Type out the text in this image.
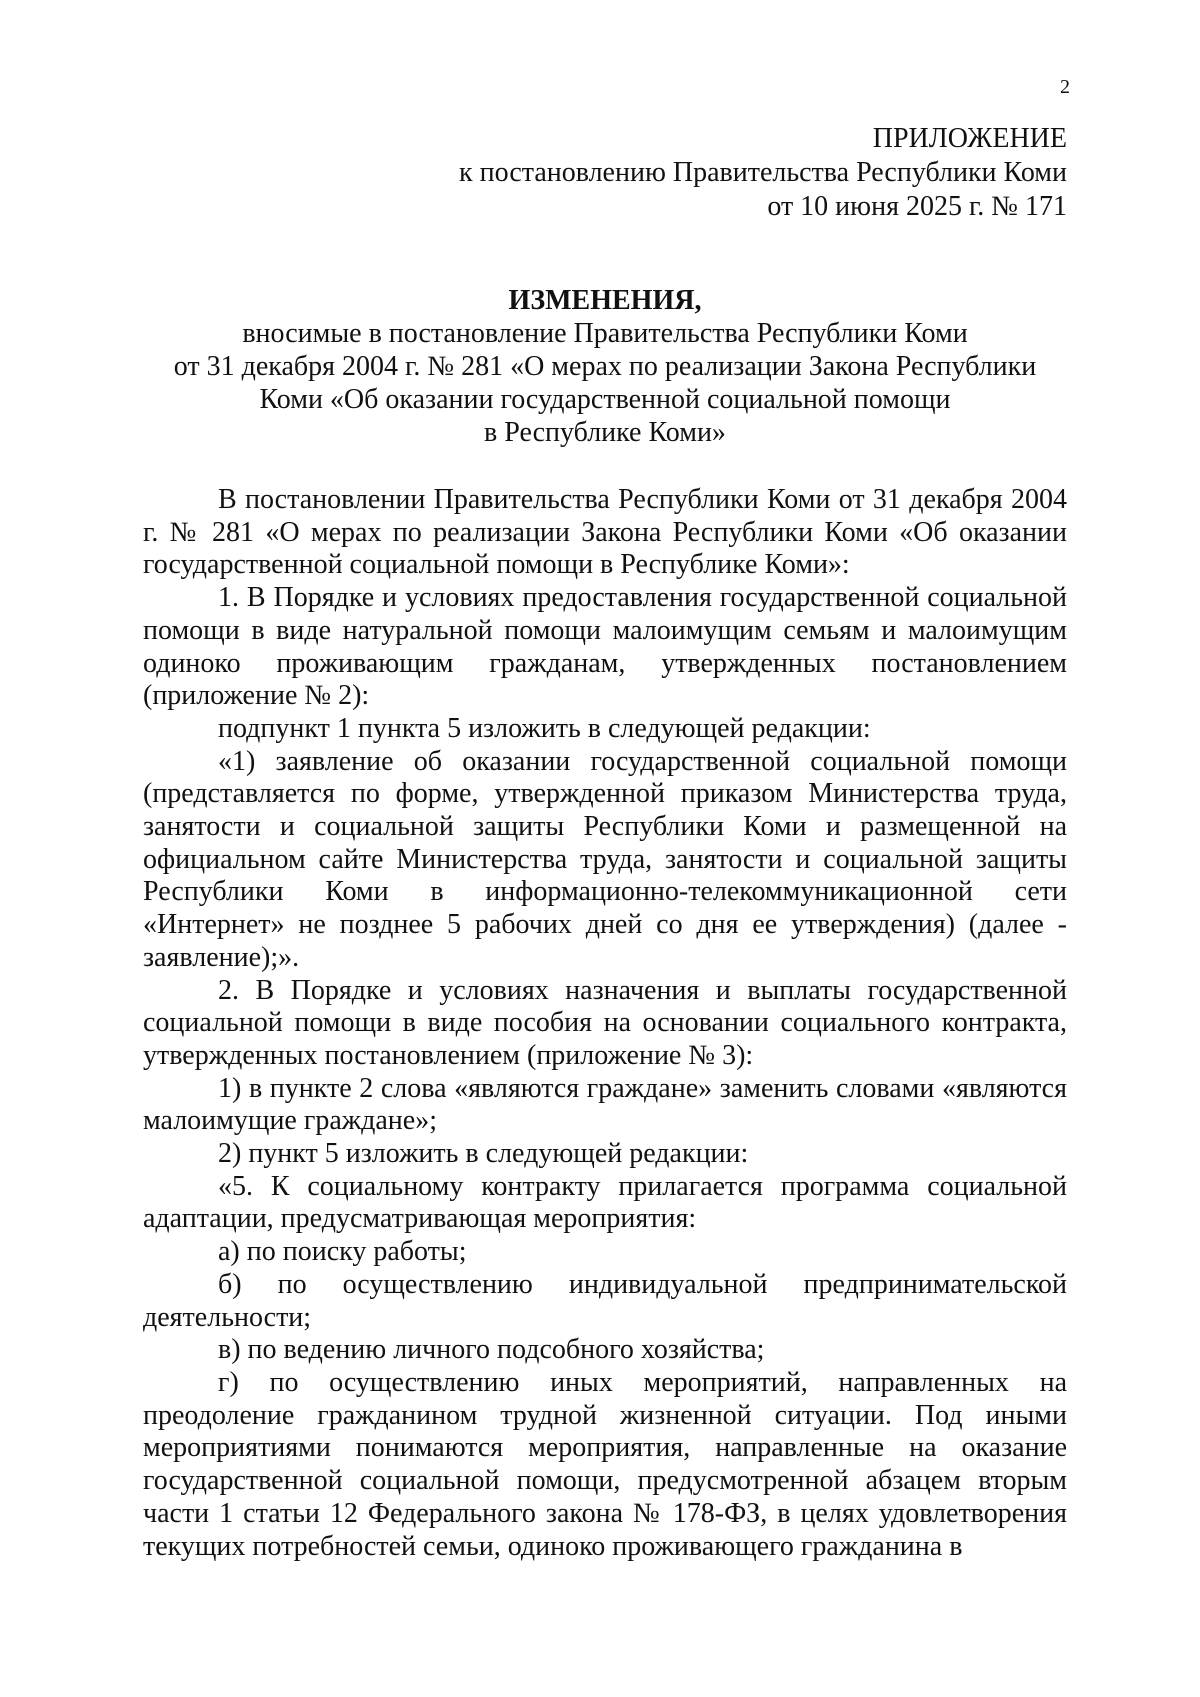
2
ПРИЛОЖЕНИЕ
к постановлению Правительства Республики Коми
от 10 июня 2025 г. № 171
ИЗМЕНЕНИЯ,
вносимые в постановление Правительства Республики Коми
от 31 декабря 2004 г. № 281 «О мерах по реализации Закона Республики
Коми «Об оказании государственной социальной помощи
в Республике Коми»

В постановлении Правительства Республики Коми от 31 декабря 2004 г. № 281 «О мерах по реализации Закона Республики Коми «Об оказании государственной социальной помощи в Республике Коми»:

1. В Порядке и условиях предоставления государственной социальной помощи в виде натуральной помощи малоимущим семьям и малоимущим одиноко проживающим гражданам, утвержденных постановлением (приложение № 2):

подпункт 1 пункта 5 изложить в следующей редакции:

«1) заявление об оказании государственной социальной помощи (представляется по форме, утвержденной приказом Министерства труда, занятости и социальной защиты Республики Коми и размещенной на официальном сайте Министерства труда, занятости и социальной защиты Республики Коми в информационно-телекоммуникационной сети «Интернет» не позднее 5 рабочих дней со дня ее утверждения) (далее - заявление);».

2. В Порядке и условиях назначения и выплаты государственной социальной помощи в виде пособия на основании социального контракта, утвержденных постановлением (приложение № 3):

1) в пункте 2 слова «являются граждане» заменить словами «являются малоимущие граждане»;

2) пункт 5 изложить в следующей редакции:

«5. К социальному контракту прилагается программа социальной адаптации, предусматривающая мероприятия:

а) по поиску работы;

б) по осуществлению индивидуальной предпринимательской деятельности;

в) по ведению личного подсобного хозяйства;

г) по осуществлению иных мероприятий, направленных на преодоление гражданином трудной жизненной ситуации. Под иными мероприятиями понимаются мероприятия, направленные на оказание государственной социальной помощи, предусмотренной абзацем вторым части 1 статьи 12 Федерального закона № 178-ФЗ, в целях удовлетворения текущих потребностей семьи, одиноко проживающего гражданина в
